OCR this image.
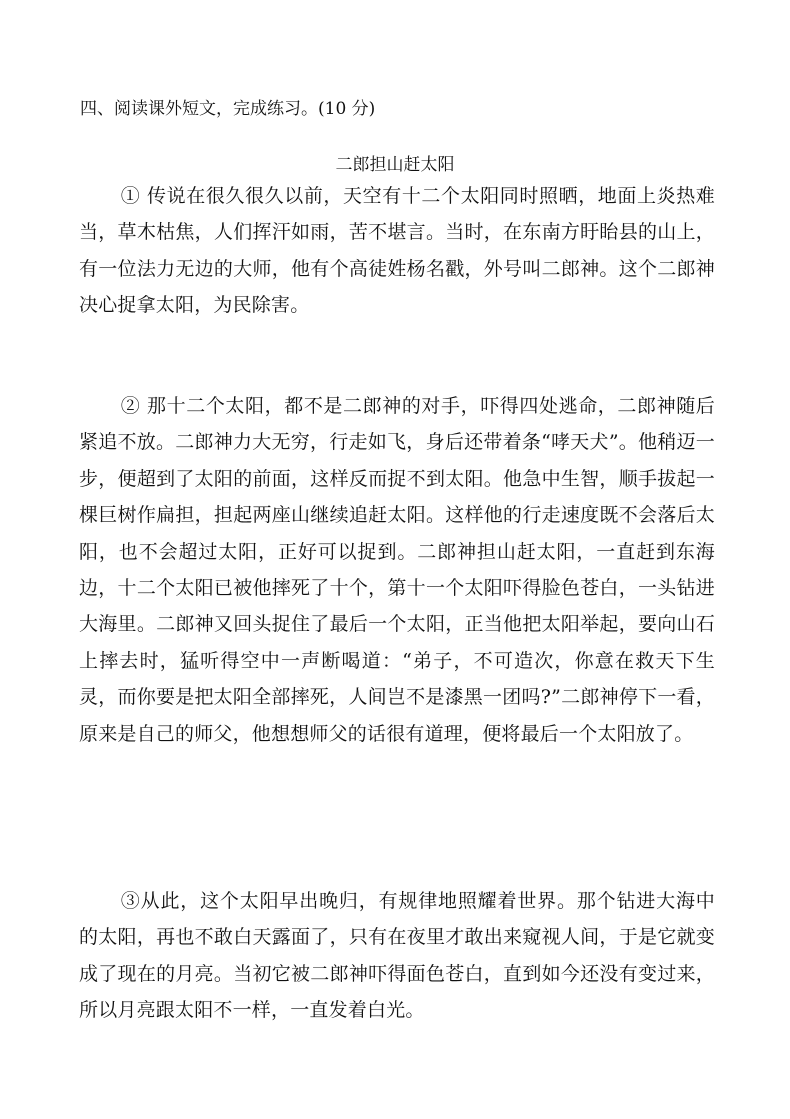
四、阅读课外短文，完成练习。(10 分)
二郎担山赶太阳

① 传说在很久很久以前，天空有十二个太阳同时照晒，地面上炎热难当，草木枯焦，人们挥汗如雨，苦不堪言。当时，在东南方盱眙县的山上，有一位法力无边的大师，他有个高徒姓杨名戳，外号叫二郎神。这个二郎神决心捉拿太阳，为民除害。

② 那十二个太阳，都不是二郎神的对手，吓得四处逃命，二郎神随后紧追不放。二郎神力大无穷，行走如飞，身后还带着条“哮天犬”。他稍迈一步，便超到了太阳的前面，这样反而捉不到太阳。他急中生智，顺手拔起一棵巨树作扁担，担起两座山继续追赶太阳。这样他的行走速度既不会落后太阳，也不会超过太阳，正好可以捉到。二郎神担山赶太阳，一直赶到东海边，十二个太阳已被他摔死了十个，第十一个太阳吓得脸色苍白，一头钻进大海里。二郎神又回头捉住了最后一个太阳，正当他把太阳举起，要向山石上摔去时，猛听得空中一声断喝道：“弟子，不可造次，你意在救天下生灵，而你要是把太阳全部摔死，人间岂不是漆黑一团吗?”二郎神停下一看，原来是自己的师父，他想想师父的话很有道理，便将最后一个太阳放了。

③从此，这个太阳早出晚归，有规律地照耀着世界。那个钻进大海中的太阳，再也不敢白天露面了，只有在夜里才敢出来窥视人间，于是它就变成了现在的月亮。当初它被二郎神吓得面色苍白，直到如今还没有变过来，所以月亮跟太阳不一样，一直发着白光。
